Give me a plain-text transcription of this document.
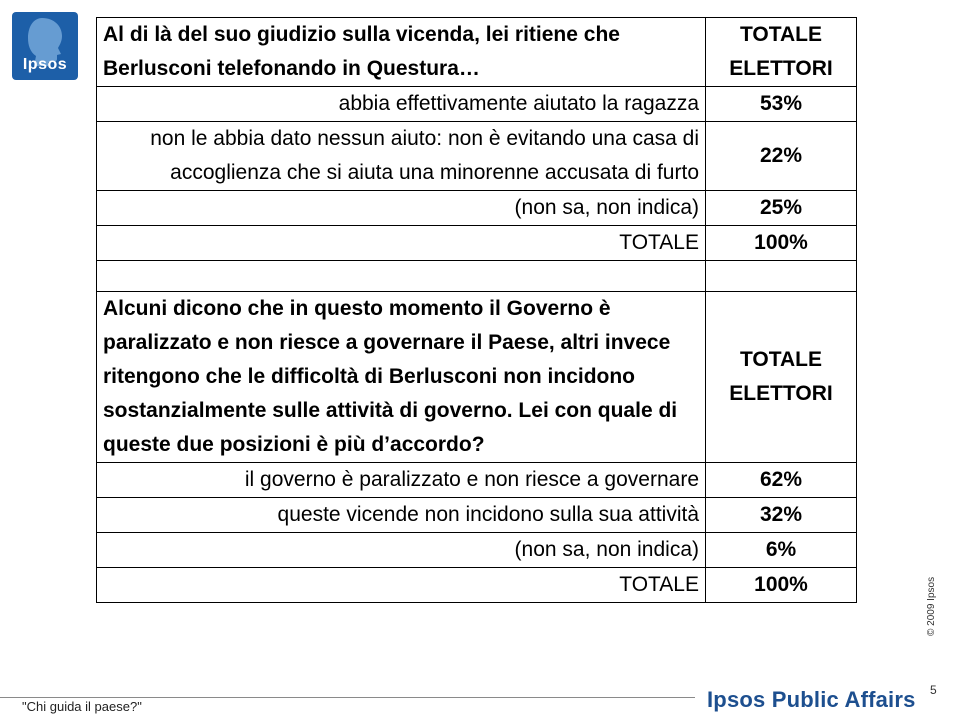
Ipsos
Al di là del suo giudizio sulla vicenda, lei ritiene che Berlusconi telefonando in Questura…	TOTALE ELETTORI
abbia effettivamente aiutato la ragazza	53%
non le abbia dato nessun aiuto: non è evitando una casa di accoglienza che si aiuta una minorenne accusata di furto	22%
(non sa, non indica)	25%
TOTALE	100%

Alcuni dicono che in questo momento il Governo è paralizzato e non riesce a governare il Paese, altri invece ritengono che le difficoltà di Berlusconi non incidono sostanzialmente sulle attività di governo. Lei con quale di queste due posizioni è più d’accordo?	TOTALE ELETTORI
il governo è paralizzato e non riesce a governare	62%
queste vicende non incidono sulla sua attività	32%
(non sa, non indica)	6%
TOTALE	100%	© 2009 Ipsos
5
"Chi guida il paese?"	Ipsos Public Affairs
